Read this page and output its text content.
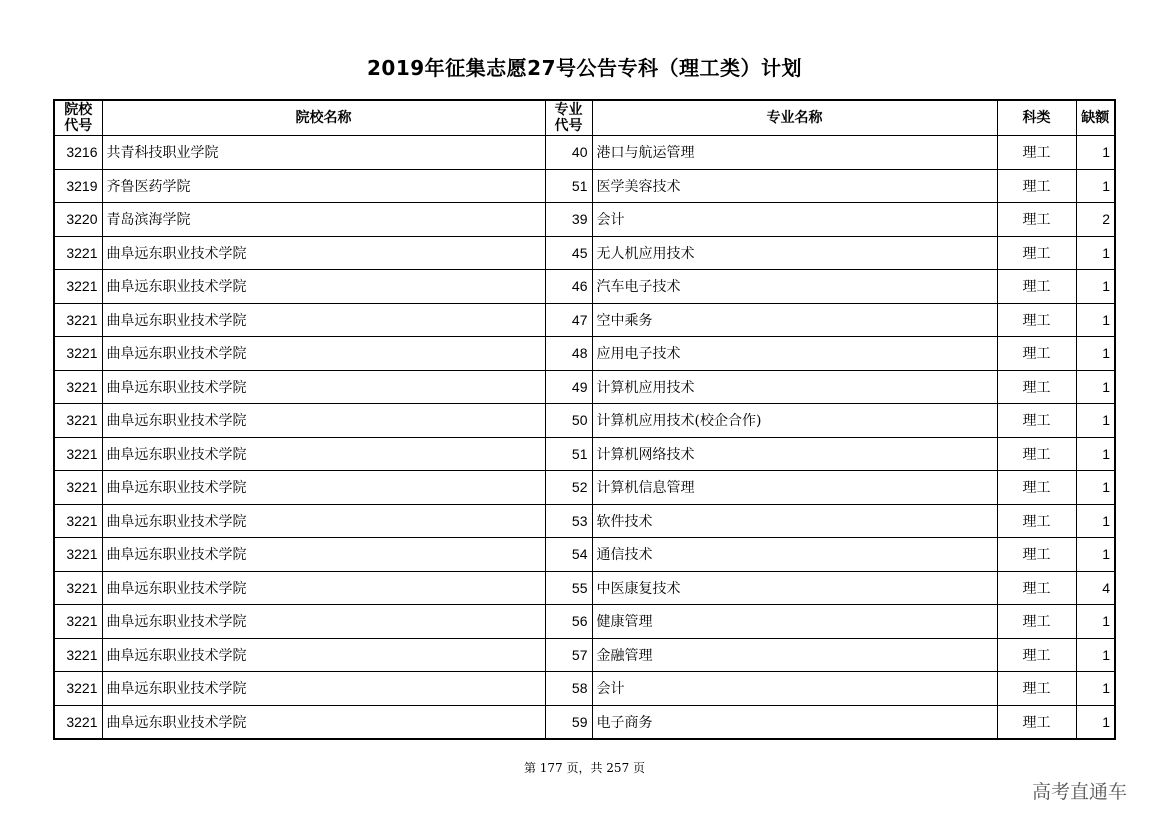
2019年征集志愿27号公告专科（理工类）计划
院校代号	院校名称	专业代号	专业名称	科类	缺额
3216	共青科技职业学院	40	港口与航运管理	理工	1
3219	齐鲁医药学院	51	医学美容技术	理工	1
3220	青岛滨海学院	39	会计	理工	2
3221	曲阜远东职业技术学院	45	无人机应用技术	理工	1
3221	曲阜远东职业技术学院	46	汽车电子技术	理工	1
3221	曲阜远东职业技术学院	47	空中乘务	理工	1
3221	曲阜远东职业技术学院	48	应用电子技术	理工	1
3221	曲阜远东职业技术学院	49	计算机应用技术	理工	1
3221	曲阜远东职业技术学院	50	计算机应用技术(校企合作)	理工	1
3221	曲阜远东职业技术学院	51	计算机网络技术	理工	1
3221	曲阜远东职业技术学院	52	计算机信息管理	理工	1
3221	曲阜远东职业技术学院	53	软件技术	理工	1
3221	曲阜远东职业技术学院	54	通信技术	理工	1
3221	曲阜远东职业技术学院	55	中医康复技术	理工	4
3221	曲阜远东职业技术学院	56	健康管理	理工	1
3221	曲阜远东职业技术学院	57	金融管理	理工	1
3221	曲阜远东职业技术学院	58	会计	理工	1
3221	曲阜远东职业技术学院	59	电子商务	理工	1
第 177 页，共 257 页
高考直通车
